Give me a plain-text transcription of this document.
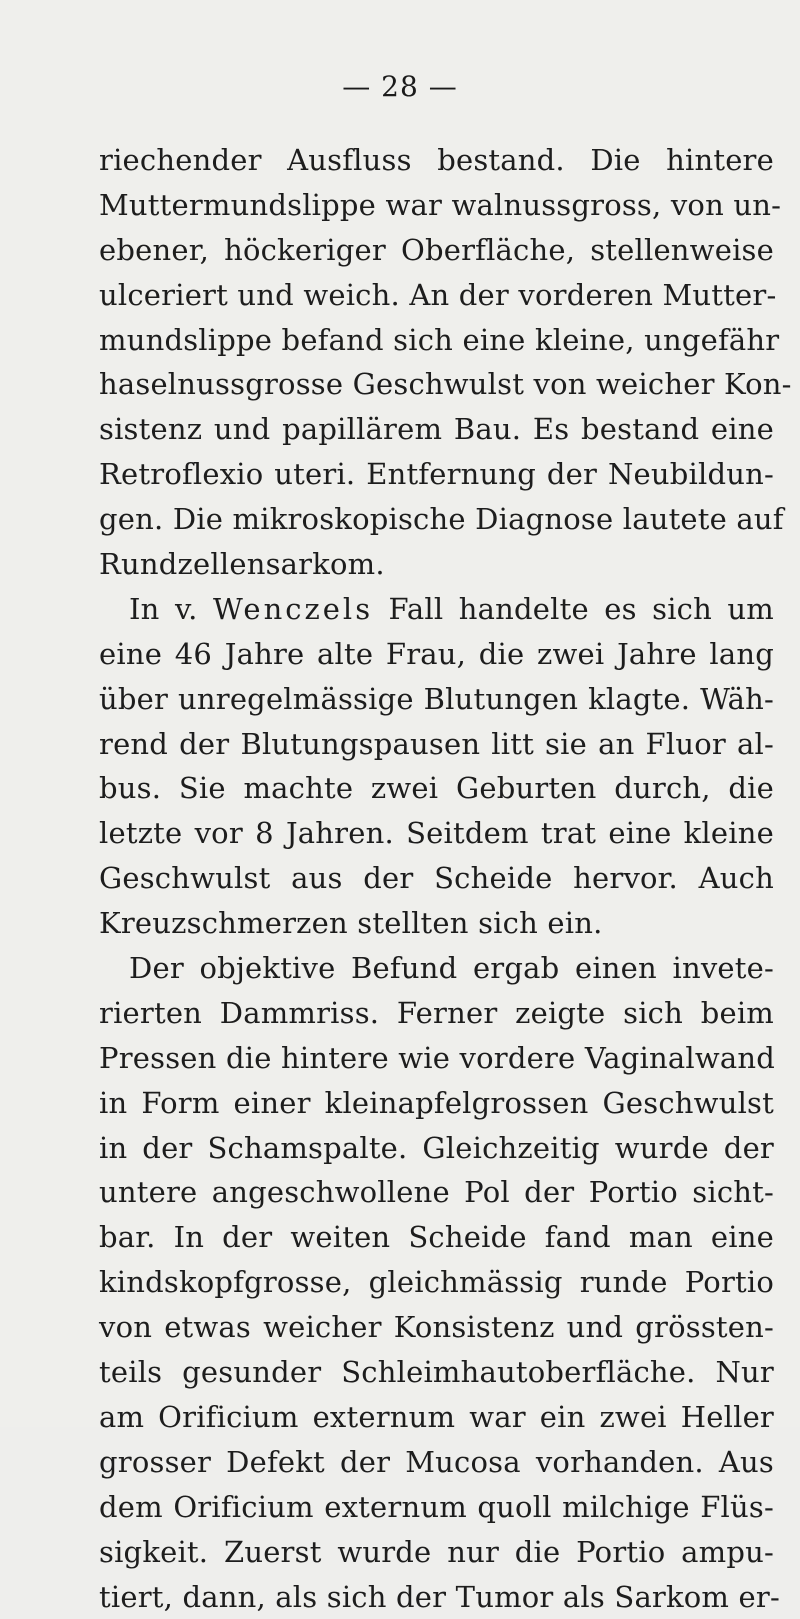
— 28 —
riechender Ausfluss bestand. Die hintere
Muttermundslippe war walnussgross, von un-
ebener, höckeriger Oberfläche, stellenweise
ulceriert und weich. An der vorderen Mutter-
mundslippe befand sich eine kleine, ungefähr
haselnussgrosse Geschwulst von weicher Kon-
sistenz und papillärem Bau. Es bestand eine
Retroflexio uteri. Entfernung der Neubildun-
gen. Die mikroskopische Diagnose lautete auf
Rundzellensarkom.
In v. Wenczels Fall handelte es sich um
eine 46 Jahre alte Frau, die zwei Jahre lang
über unregelmässige Blutungen klagte. Wäh-
rend der Blutungspausen litt sie an Fluor al-
bus. Sie machte zwei Geburten durch, die
letzte vor 8 Jahren. Seitdem trat eine kleine
Geschwulst aus der Scheide hervor. Auch
Kreuzschmerzen stellten sich ein.
Der objektive Befund ergab einen invete-
rierten Dammriss. Ferner zeigte sich beim
Pressen die hintere wie vordere Vaginalwand
in Form einer kleinapfelgrossen Geschwulst
in der Schamspalte. Gleichzeitig wurde der
untere angeschwollene Pol der Portio sicht-
bar. In der weiten Scheide fand man eine
kindskopfgrosse, gleichmässig runde Portio
von etwas weicher Konsistenz und grössten-
teils gesunder Schleimhautoberfläche. Nur
am Orificium externum war ein zwei Heller
grosser Defekt der Mucosa vorhanden. Aus
dem Orificium externum quoll milchige Flüs-
sigkeit. Zuerst wurde nur die Portio ampu-
tiert, dann, als sich der Tumor als Sarkom er-
